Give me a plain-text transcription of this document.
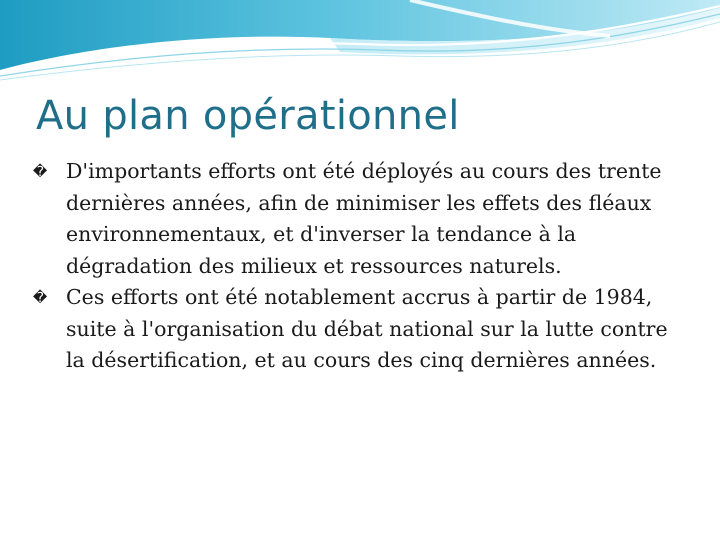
Au plan opérationnel
� D'importants efforts ont été déployés au cours des trente dernières années, afin de minimiser les effets des fléaux environnementaux, et d'inverser la tendance à la dégradation des milieux et ressources naturels.
� Ces efforts ont été notablement accrus à partir de 1984, suite à l'organisation du débat national sur la lutte contre la désertification, et au cours des cinq dernières années.
